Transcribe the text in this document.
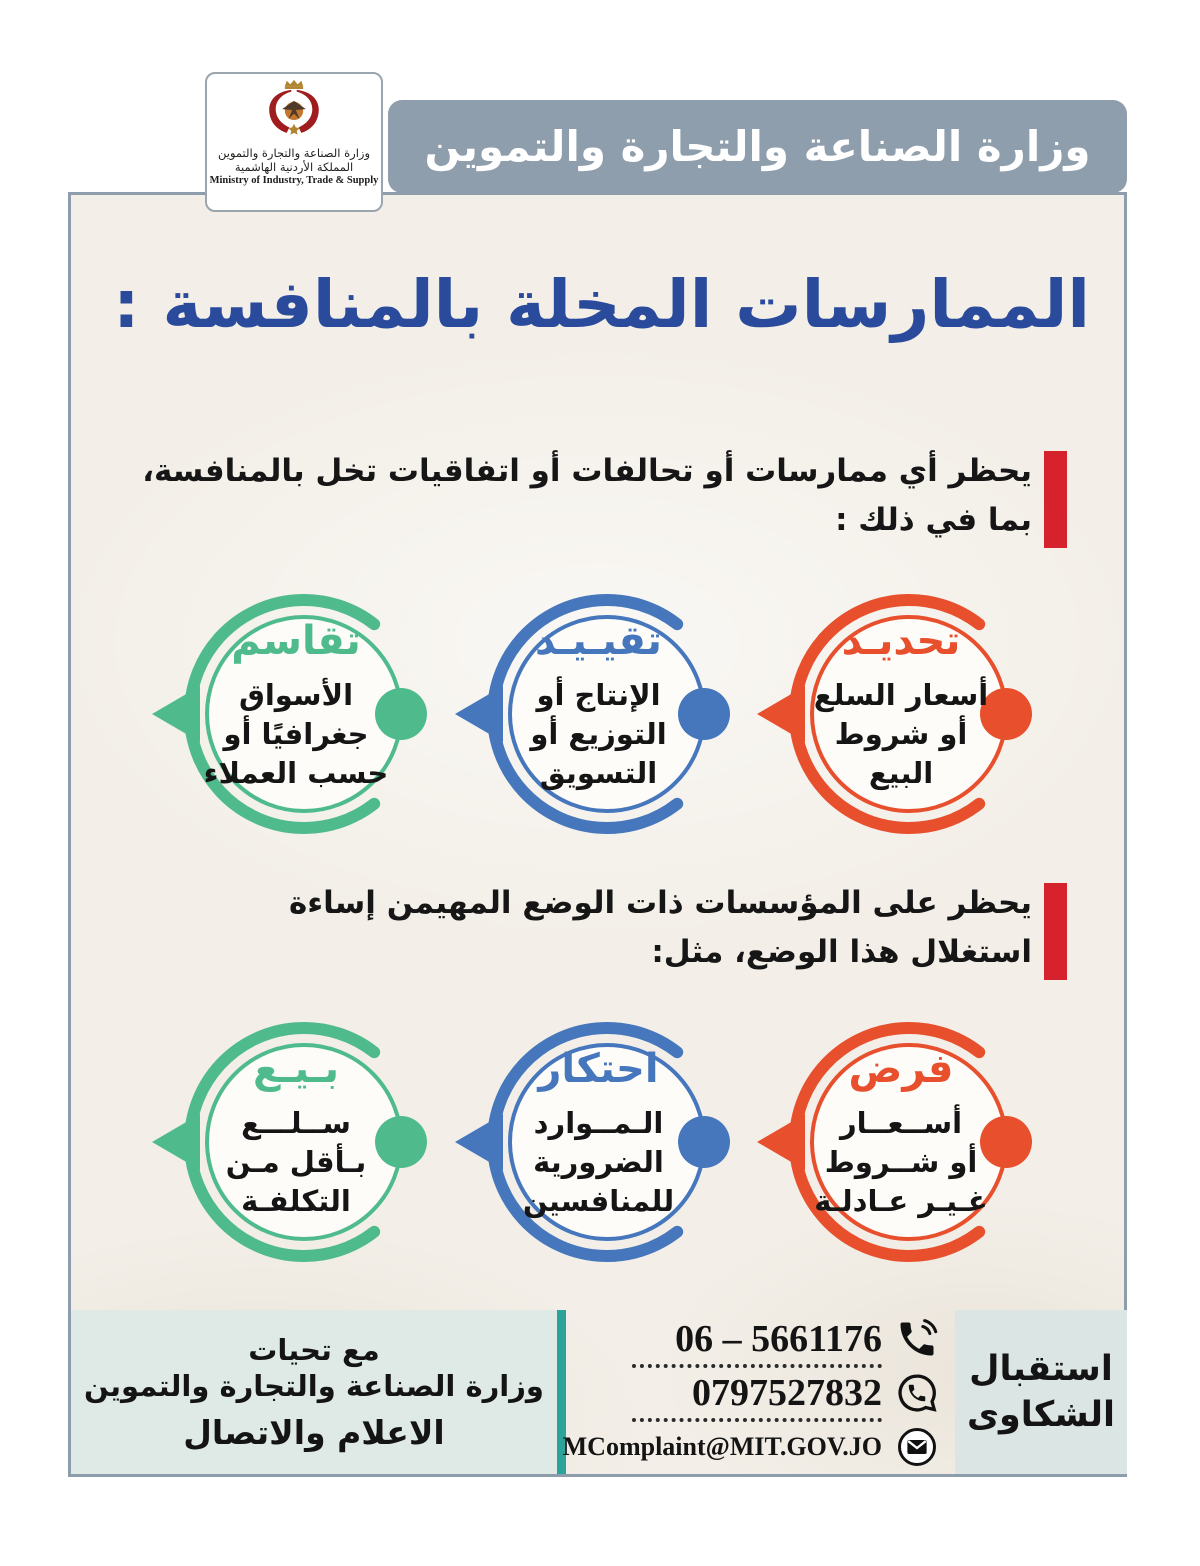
وزارة الصناعة والتجارة والتموين
وزارة الصناعة والتجارة والتموين
المملكة الأردنية الهاشمية
Ministry of Industry, Trade & Supply
الممارسات المخلة بالمنافسة :
يحظر أي ممارسات أو تحالفات أو اتفاقيات تخل بالمنافسة،
بما في ذلك :
تحديـد
أسعار السلع
أو شروط
البيع
تقيـيـد
الإنتاج أو
التوزيع أو
التسويق
تقاسم
الأسواق
جغرافيًا أو
حسب العملاء
يحظر على المؤسسات ذات الوضع المهيمن إساءة
استغلال هذا الوضع، مثل:
فرض
أســعــار
أو شــروط
غـيـر عـادلـة
احتكار
الـمــوارد
الضرورية
للمنافسين
بـيـع
ســلـــع
بـأقل مـن
التكلفـة
مع تحيات
وزارة الصناعة والتجارة والتموين
الاعلام والاتصال
06 – 5661176
0797527832
MComplaint@MIT.GOV.JO
استقبال
الشكاوى
